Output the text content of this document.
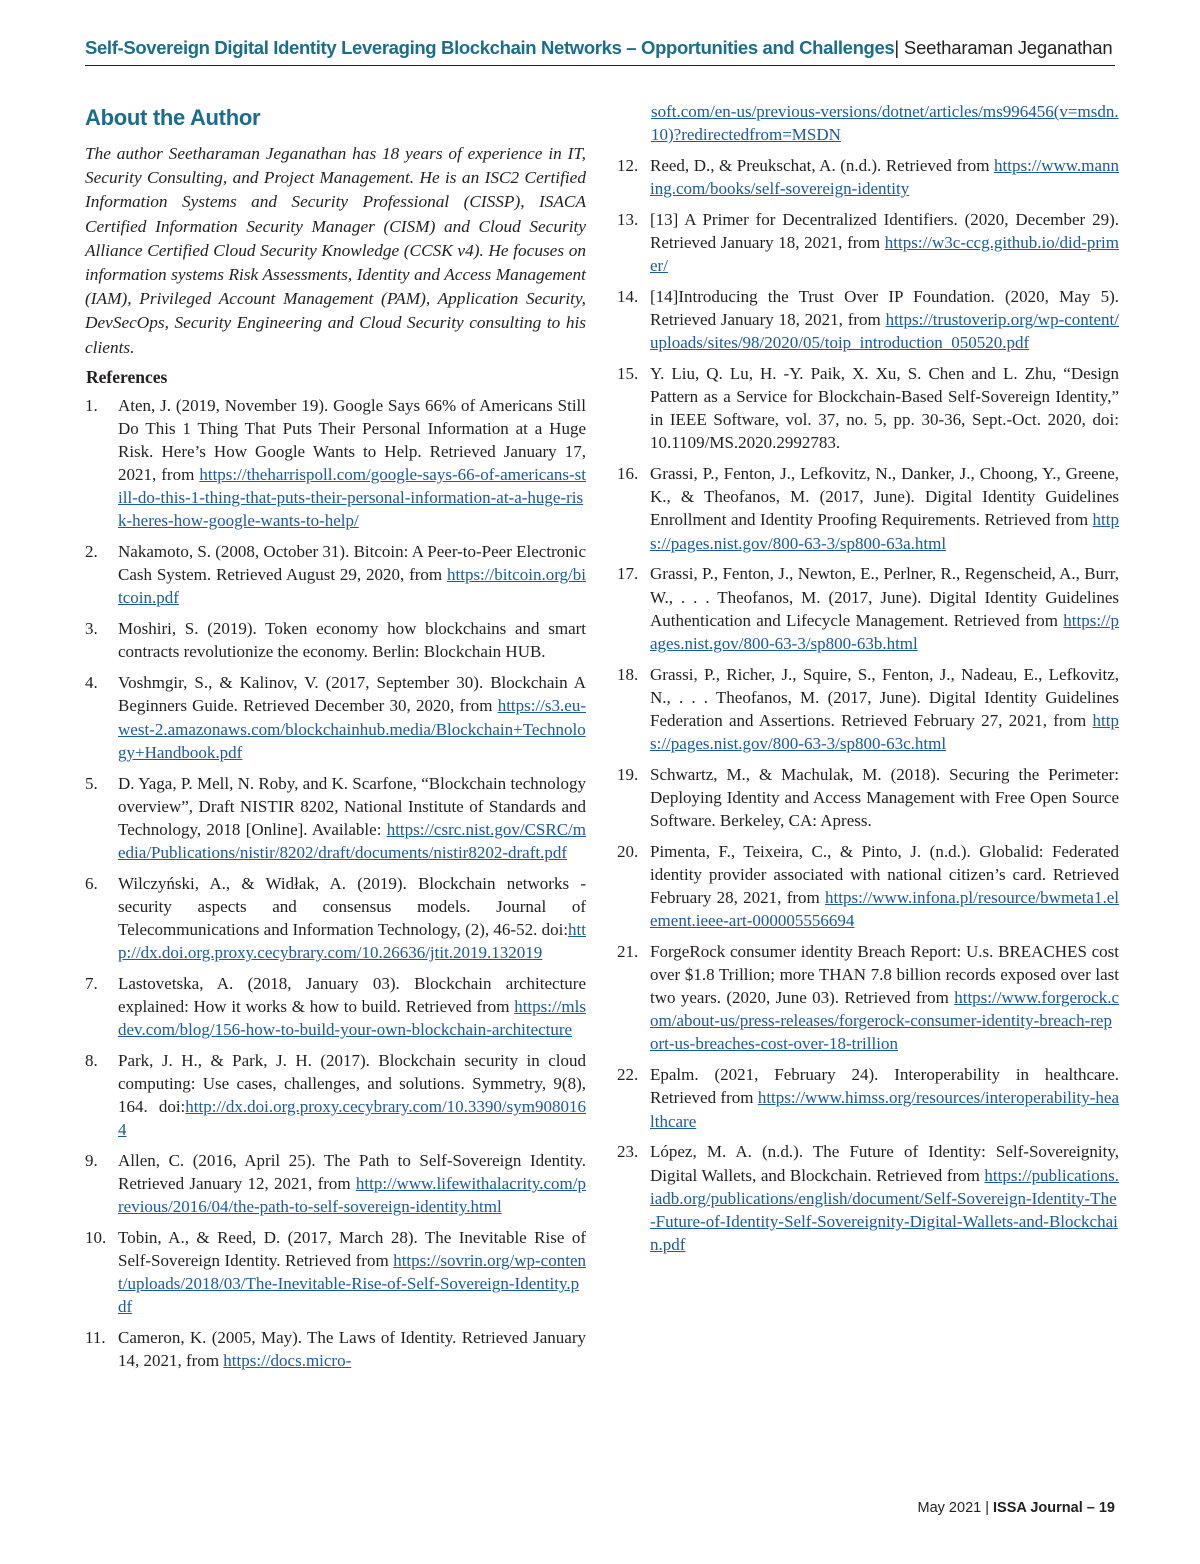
Self-Sovereign Digital Identity Leveraging Blockchain Networks – Opportunities and Challenges| Seetharaman Jeganathan
About the Author

The author Seetharaman Jeganathan has 18 years of experience in IT, Security Consulting, and Project Management. He is an ISC2 Certified Information Systems and Security Professional (CISSP), ISACA Certified Information Security Manager (CISM) and Cloud Security Alliance Certified Cloud Security Knowledge (CCSK v4). He focuses on information systems Risk Assessments, Identity and Access Management (IAM), Privileged Account Management (PAM), Application Security, DevSecOps, Security Engineering and Cloud Security consulting to his clients.

References
1. Aten, J. (2019, November 19). Google Says 66% of Americans Still Do This 1 Thing That Puts Their Personal Information at a Huge Risk. Here’s How Google Wants to Help. Retrieved January 17, 2021, from https://theharrispoll.com/google-says-66-of-americans-still-do-this-1-thing-that-puts-their-personal-information-at-a-huge-risk-heres-how-google-wants-to-help/
2. Nakamoto, S. (2008, October 31). Bitcoin: A Peer-to-Peer Electronic Cash System. Retrieved August 29, 2020, from https://bitcoin.org/bitcoin.pdf
3. Moshiri, S. (2019). Token economy how blockchains and smart contracts revolutionize the economy. Berlin: Blockchain HUB.
4. Voshmgir, S., & Kalinov, V. (2017, September 30). Blockchain A Beginners Guide. Retrieved December 30, 2020, from https://s3.eu-west-2.amazonaws.com/blockchainhub.media/Blockchain+Technology+Handbook.pdf
5. D. Yaga, P. Mell, N. Roby, and K. Scarfone, “Blockchain technology overview”, Draft NISTIR 8202, National Institute of Standards and Technology, 2018 [Online]. Available: https://csrc.nist.gov/CSRC/media/Publications/nistir/8202/draft/documents/nistir8202-draft.pdf
6. Wilczyński, A., & Widłak, A. (2019). Blockchain networks - security aspects and consensus models. Journal of Telecommunications and Information Technology, (2), 46-52. doi:http://dx.doi.org.proxy.cecybrary.com/10.26636/jtit.2019.132019
7. Lastovetska, A. (2018, January 03). Blockchain architecture explained: How it works & how to build. Retrieved from https://mlsdev.com/blog/156-how-to-build-your-own-blockchain-architecture
8. Park, J. H., & Park, J. H. (2017). Blockchain security in cloud computing: Use cases, challenges, and solutions. Symmetry, 9(8), 164. doi:http://dx.doi.org.proxy.cecybrary.com/10.3390/sym9080164
9. Allen, C. (2016, April 25). The Path to Self-Sovereign Identity. Retrieved January 12, 2021, from http://www.lifewithalacrity.com/previous/2016/04/the-path-to-self-sovereign-identity.html
10. Tobin, A., & Reed, D. (2017, March 28). The Inevitable Rise of Self-Sovereign Identity. Retrieved from https://sovrin.org/wp-content/uploads/2018/03/The-Inevitable-Rise-of-Self-Sovereign-Identity.pdf
11. Cameron, K. (2005, May). The Laws of Identity. Retrieved January 14, 2021, from https://docs.micro-
soft.com/en-us/previous-versions/dotnet/articles/ms996456(v=msdn.10)?redirectedfrom=MSDN
12. Reed, D., & Preukschat, A. (n.d.). Retrieved from https://www.manning.com/books/self-sovereign-identity
13. [13] A Primer for Decentralized Identifiers. (2020, December 29). Retrieved January 18, 2021, from https://w3c-ccg.github.io/did-primer/
14. [14]Introducing the Trust Over IP Foundation. (2020, May 5). Retrieved January 18, 2021, from https://trustoverip.org/wp-content/uploads/sites/98/2020/05/toip_introduction_050520.pdf
15. Y. Liu, Q. Lu, H. -Y. Paik, X. Xu, S. Chen and L. Zhu, “Design Pattern as a Service for Blockchain-Based Self-Sovereign Identity,” in IEEE Software, vol. 37, no. 5, pp. 30-36, Sept.-Oct. 2020, doi: 10.1109/MS.2020.2992783.
16. Grassi, P., Fenton, J., Lefkovitz, N., Danker, J., Choong, Y., Greene, K., & Theofanos, M. (2017, June). Digital Identity Guidelines Enrollment and Identity Proofing Requirements. Retrieved from https://pages.nist.gov/800-63-3/sp800-63a.html
17. Grassi, P., Fenton, J., Newton, E., Perlner, R., Regenscheid, A., Burr, W., . . . Theofanos, M. (2017, June). Digital Identity Guidelines Authentication and Lifecycle Management. Retrieved from https://pages.nist.gov/800-63-3/sp800-63b.html
18. Grassi, P., Richer, J., Squire, S., Fenton, J., Nadeau, E., Lefkovitz, N., . . . Theofanos, M. (2017, June). Digital Identity Guidelines Federation and Assertions. Retrieved February 27, 2021, from https://pages.nist.gov/800-63-3/sp800-63c.html
19. Schwartz, M., & Machulak, M. (2018). Securing the Perimeter: Deploying Identity and Access Management with Free Open Source Software. Berkeley, CA: Apress.
20. Pimenta, F., Teixeira, C., & Pinto, J. (n.d.). Globalid: Federated identity provider associated with national citizen’s card. Retrieved February 28, 2021, from https://www.infona.pl/resource/bwmeta1.element.ieee-art-000005556694
21. ForgeRock consumer identity Breach Report: U.s. BREACHES cost over $1.8 Trillion; more THAN 7.8 billion records exposed over last two years. (2020, June 03). Retrieved from https://www.forgerock.com/about-us/press-releases/forgerock-consumer-identity-breach-report-us-breaches-cost-over-18-trillion
22. Epalm. (2021, February 24). Interoperability in healthcare. Retrieved from https://www.himss.org/resources/interoperability-healthcare
23. López, M. A. (n.d.). The Future of Identity: Self-Sovereignity, Digital Wallets, and Blockchain. Retrieved from https://publications.iadb.org/publications/english/document/Self-Sovereign-Identity-The-Future-of-Identity-Self-Sovereignity-Digital-Wallets-and-Blockchain.pdf
May 2021 | ISSA Journal – 19
